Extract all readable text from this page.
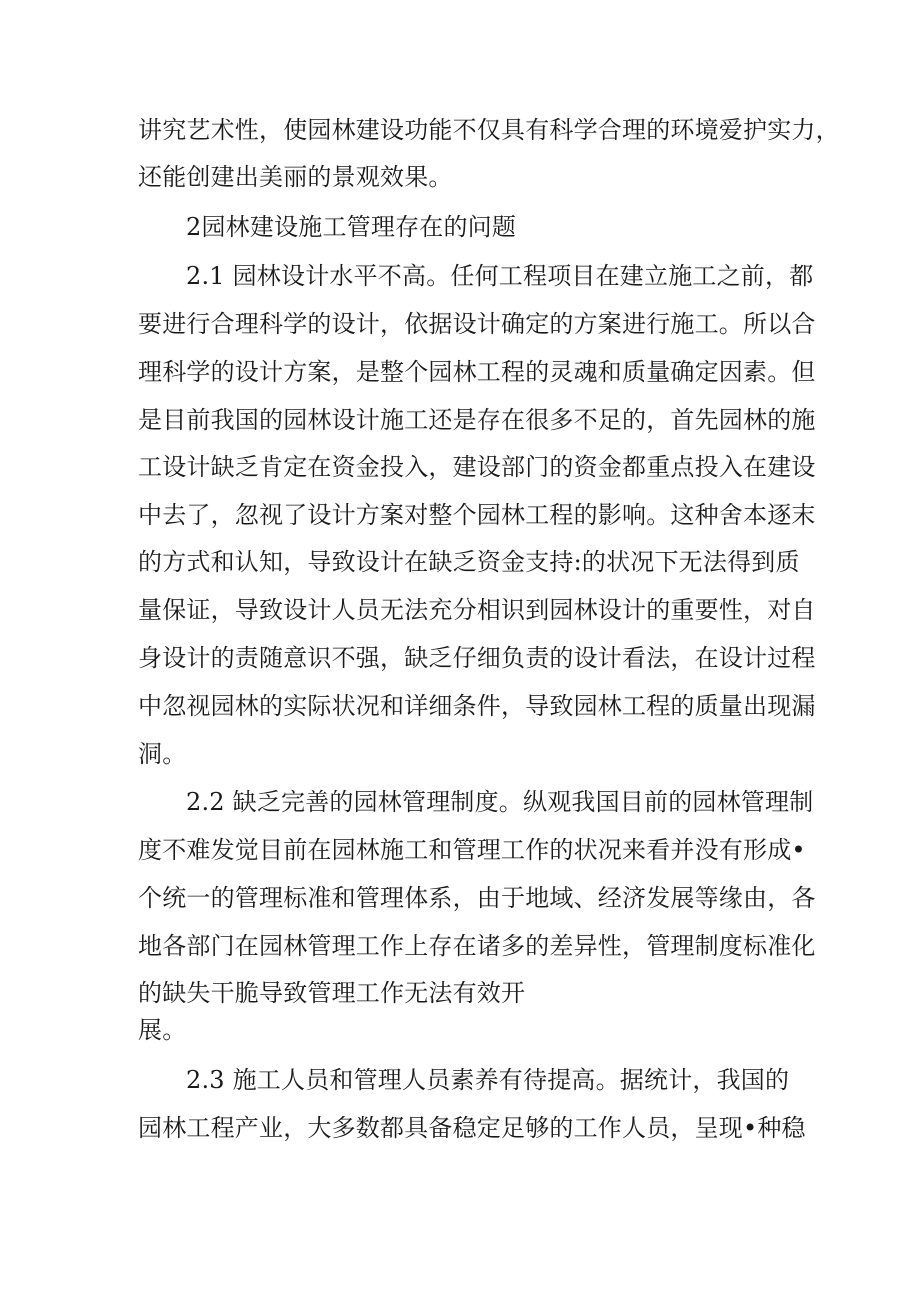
讲究艺术性，使园林建设功能不仅具有科学合理的环境爱护实力，
还能创建出美丽的景观效果。
2园林建设施工管理存在的问题
2.1 园林设计水平不高。任何工程项目在建立施工之前，都
要进行合理科学的设计，依据设计确定的方案进行施工。所以合
理科学的设计方案，是整个园林工程的灵魂和质量确定因素。但
是目前我国的园林设计施工还是存在很多不足的，首先园林的施
工设计缺乏肯定在资金投入，建设部门的资金都重点投入在建设
中去了，忽视了设计方案对整个园林工程的影响。这种舍本逐末
的方式和认知，导致设计在缺乏资金支持:的状况下无法得到质
量保证，导致设计人员无法充分相识到园林设计的重要性，对自
身设计的责随意识不强，缺乏仔细负责的设计看法，在设计过程
中忽视园林的实际状况和详细条件，导致园林工程的质量出现漏
洞。
2.2 缺乏完善的园林管理制度。纵观我国目前的园林管理制
度不难发觉目前在园林施工和管理工作的状况来看并没有形成•
个统一的管理标准和管理体系，由于地域、经济发展等缘由，各
地各部门在园林管理工作上存在诸多的差异性，管理制度标准化
的缺失干脆导致管理工作无法有效开
展。
2.3 施工人员和管理人员素养有待提高。据统计，我国的
园林工程产业，大多数都具备稳定足够的工作人员，呈现•种稳
